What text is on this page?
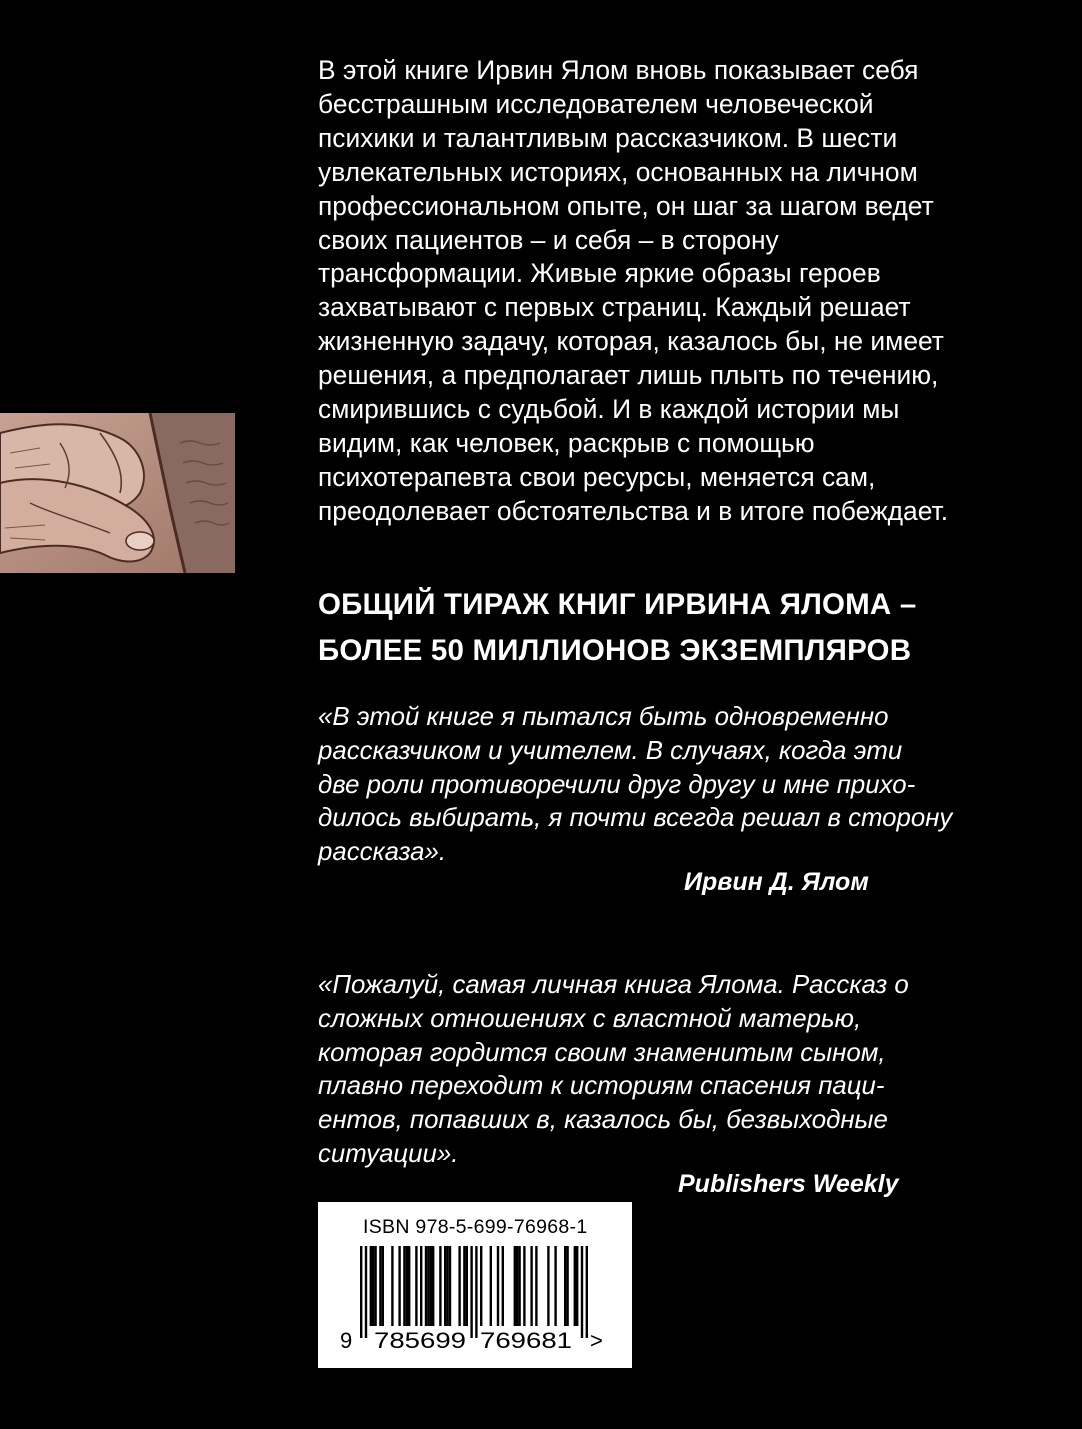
В этой книге Ирвин Ялом вновь показывает себя
бесстрашным исследователем человеческой
психики и талантливым рассказчиком. В шести
увлекательных историях, основанных на личном
профессиональном опыте, он шаг за шагом ведет
своих пациентов – и себя – в сторону
трансформации. Живые яркие образы героев
захватывают с первых страниц. Каждый решает
жизненную задачу, которая, казалось бы, не имеет
решения, а предполагает лишь плыть по течению,
смирившись с судьбой. И в каждой истории мы
видим, как человек, раскрыв с помощью
психотерапевта свои ресурсы, меняется сам,
преодолевает обстоятельства и в итоге побеждает.

ОБЩИЙ ТИРАЖ КНИГ ИРВИНА ЯЛОМА –
БОЛЕЕ 50 МИЛЛИОНОВ ЭКЗЕМПЛЯРОВ

«В этой книге я пытался быть одновременно
рассказчиком и учителем. В случаях, когда эти
две роли противоречили друг другу и мне прихо-
дилось выбирать, я почти всегда решал в сторону
рассказа».

Ирвин Д. Ялом

«Пожалуй, самая личная книга Ялома. Рассказ о
сложных отношениях с властной матерью,
которая гордится своим знаменитым сыном,
плавно переходит к историям спасения паци-
ентов, попавших в, казалось бы, безвыходные
ситуации».

Publishers Weekly

ISBN 978-5-699-76968-1

9 785699 769681 >
